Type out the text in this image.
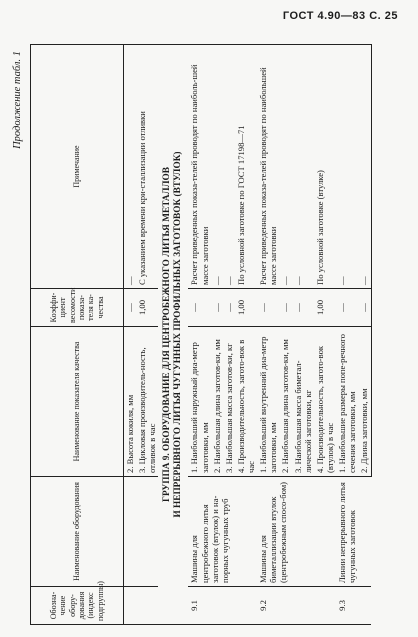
ГОСТ 4.90—83 С. 25
Продолжение табл. 1
Обозна-чение обору-дования (индекс подгруппы)	Наименование оборудования	Наименование показателя качества	Коэффи-циент весомости показа-теля ка-чества	Примечание
		2. Высота кокиля, мм	—	—
		3. Цикловая производитель-ность, отливок в час	1,00	С указанием времени кри-сталлизации отливки

ГРУППА 9. ОБОРУДОВАНИЕ ДЛЯ ЦЕНТРОБЕЖНОГО ЛИТЬЯ МЕТАЛЛОВ И НЕПРЕРЫВНОГО ЛИТЬЯ ЧУГУННЫХ ПРОФИЛЬНЫХ ЗАГОТОВОК (ВТУЛОК)				

9.1	Машины для центробежного литья заготовок (втулок) и на-порных чугунных труб	1. Наибольший наружный диа-метр заготовки, мм	—	Расчет приведенных показа-телей проводят по наиболь-шей массе заготовки
		2. Наибольшая длина заготов-ки, мм	—	—
		3. Наибольшая масса заготов-ки, кг	—	—
		4. Производительность, загото-вок в час	1,00	По условной заготовке по ГОСТ 17198—71
9.2	Машины для биметаллизации втулок (центробежным спосо-бом)	1. Наибольший внутренний диа-метр заготовки, мм	—	Расчет приведенных показа-телей проводят по наибольшей массе заготовки
		2. Наибольшая длина заготов-ки, мм	—	—
		3. Наибольшая масса биметал-лической заготовки, кг	—	—
		4. Производительность, загото-вок (втулок) в час	1,00	По условной заготовке (втулке)
9.3	Линии непрерывного литья чугунных заготовок	1. Наибольшие размеры попе-речного сечения заготовки, мм	—	—
		2. Длина заготовки, мм	—	—
